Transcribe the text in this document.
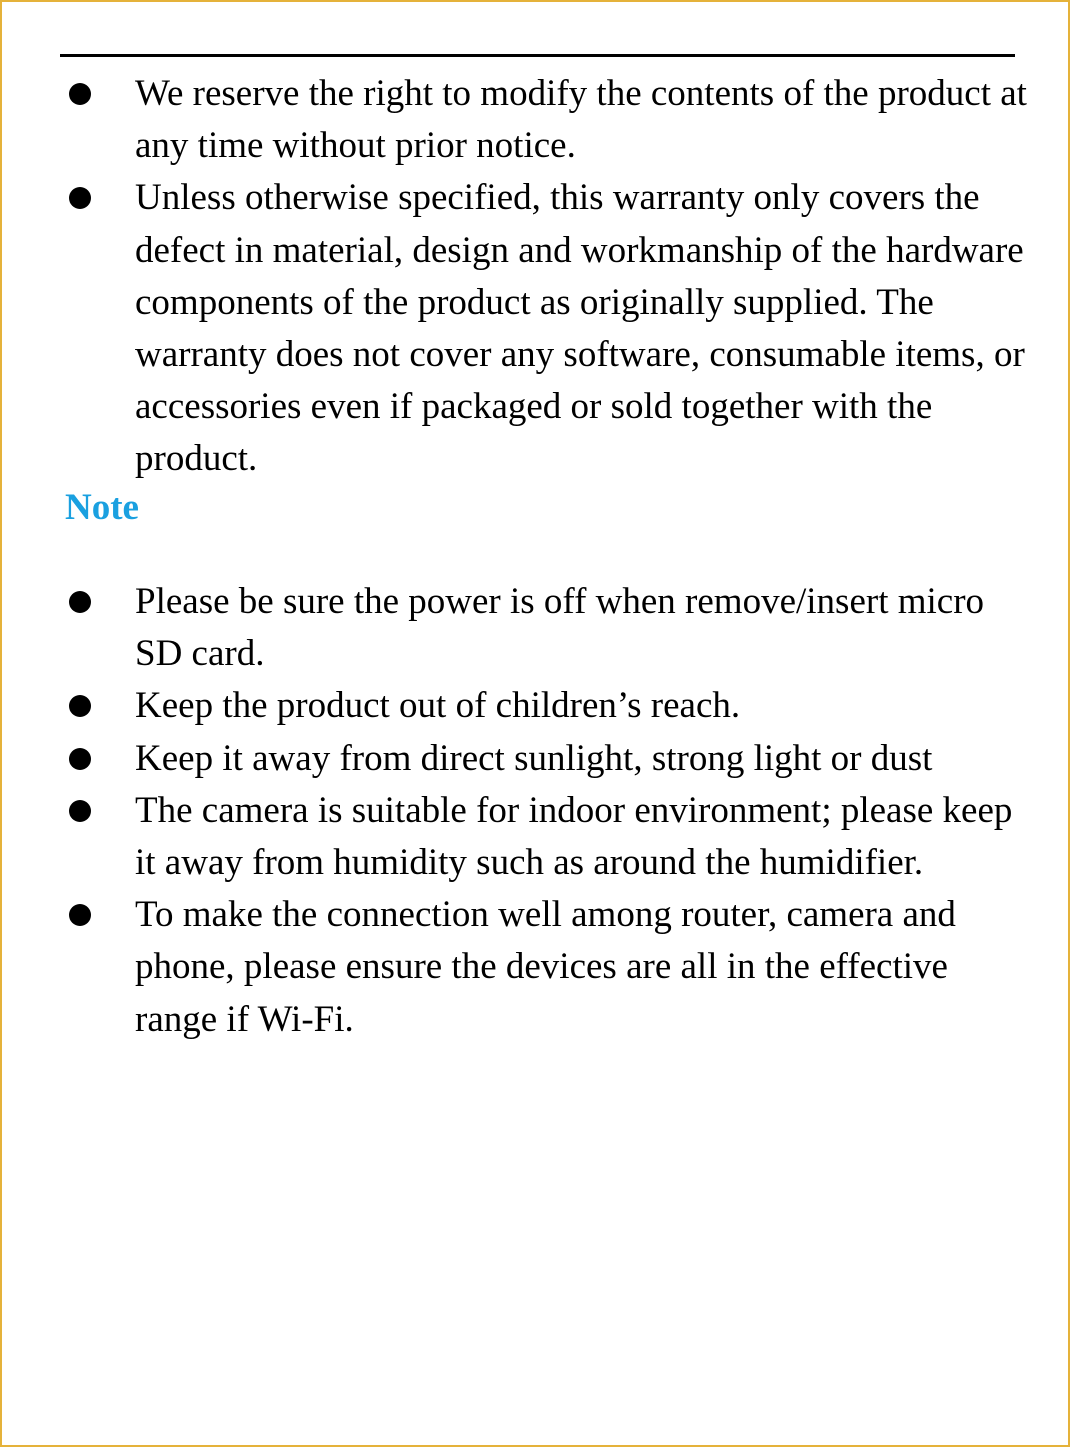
We reserve the right to modify the contents of the product at any time without prior notice.
Unless otherwise specified, this warranty only covers the defect in material, design and workmanship of the hardware components of the product as originally supplied. The warranty does not cover any software, consumable items, or accessories even if packaged or sold together with the product.
Note
Please be sure the power is off when remove/insert micro SD card.
Keep the product out of children’s reach.
Keep it away from direct sunlight, strong light or dust
The camera is suitable for indoor environment; please keep it away from humidity such as around the humidifier.
To make the connection well among router, camera and phone, please ensure the devices are all in the effective range if Wi-Fi.
